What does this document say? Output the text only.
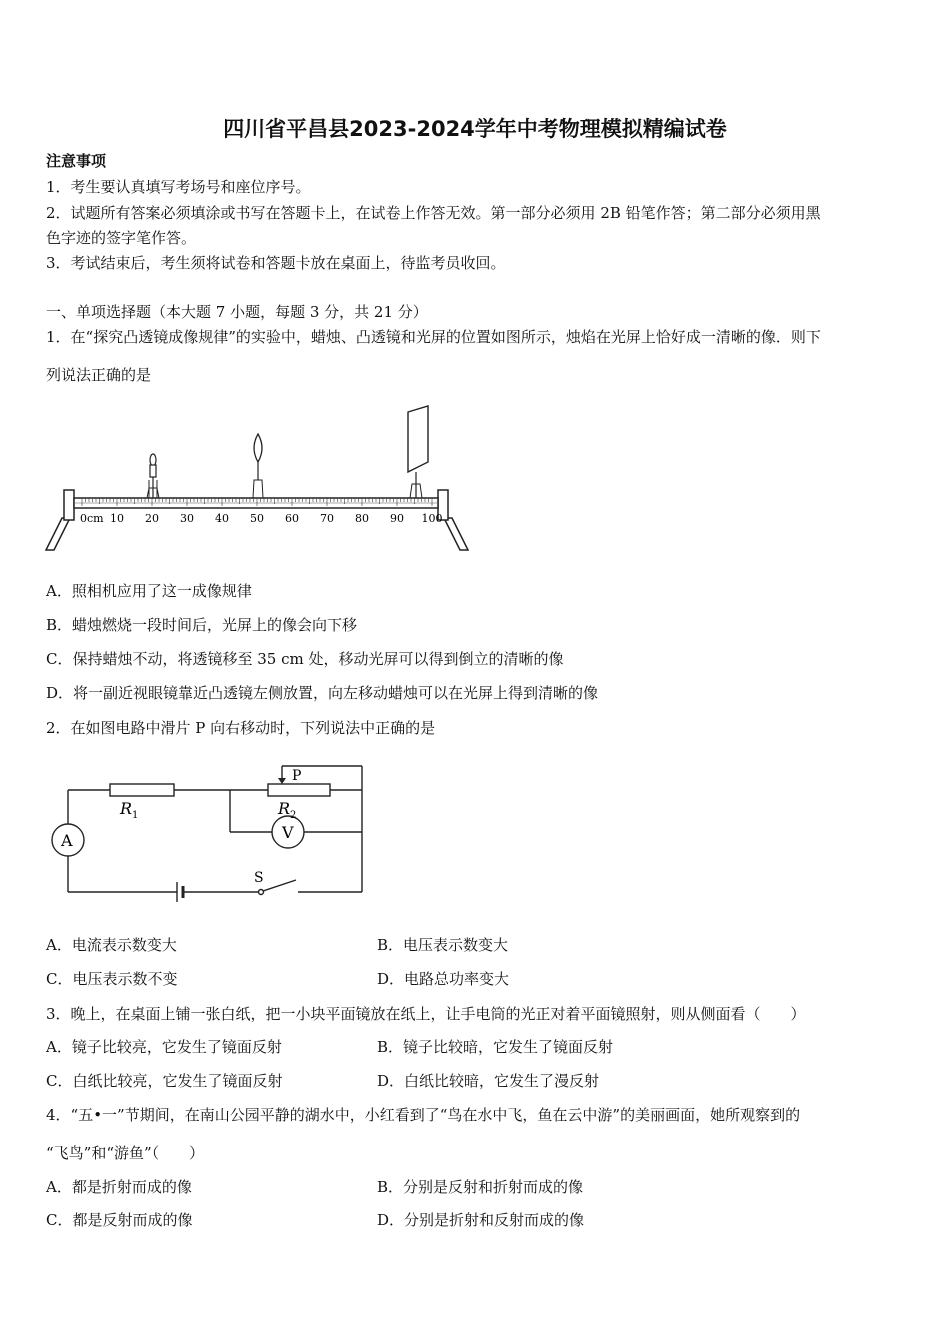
四川省平昌县2023-2024学年中考物理模拟精编试卷
注意事项
1．考生要认真填写考场号和座位序号。
2．试题所有答案必须填涂或书写在答题卡上，在试卷上作答无效。第一部分必须用 2B 铅笔作答；第二部分必须用黑
色字迹的签字笔作答。
3．考试结束后，考生须将试卷和答题卡放在桌面上，待监考员收回。
一、单项选择题（本大题 7 小题，每题 3 分，共 21 分）
1．在“探究凸透镜成像规律”的实验中，蜡烛、凸透镜和光屏的位置如图所示，烛焰在光屏上恰好成一清晰的像．则下
列说法正确的是
0cm 10 20 30 40 50 60 70 80 90 100
A．照相机应用了这一成像规律
B．蜡烛燃烧一段时间后，光屏上的像会向下移
C．保持蜡烛不动，将透镜移至 35 cm 处，移动光屏可以得到倒立的清晰的像
D．将一副近视眼镜靠近凸透镜左侧放置，向左移动蜡烛可以在光屏上得到清晰的像
2．在如图电路中滑片 P 向右移动时，下列说法中正确的是
P
R 1	R 2
A	V
S
A．电流表示数变大	B．电压表示数变大
C．电压表示数不变	D．电路总功率变大
3．晚上，在桌面上铺一张白纸，把一小块平面镜放在纸上，让手电筒的光正对着平面镜照射，则从侧面看（　　）
A．镜子比较亮，它发生了镜面反射	B．镜子比较暗，它发生了镜面反射
C．白纸比较亮，它发生了镜面反射	D．白纸比较暗，它发生了漫反射
4．“五•一”节期间，在南山公园平静的湖水中，小红看到了“鸟在水中飞，鱼在云中游”的美丽画面，她所观察到的
“飞鸟”和“游鱼”（　　）
A．都是折射而成的像	B．分别是反射和折射而成的像
C．都是反射而成的像	D．分别是折射和反射而成的像
